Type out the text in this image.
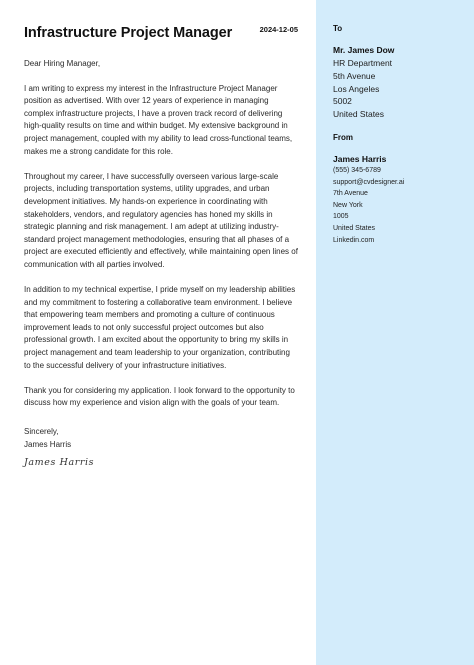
Infrastructure Project Manager	2024-12-05
Dear Hiring Manager,

I am writing to express my interest in the Infrastructure Project Manager position as advertised. With over 12 years of experience in managing complex infrastructure projects, I have a proven track record of delivering high-quality results on time and within budget. My extensive background in project management, coupled with my ability to lead cross-functional teams, makes me a strong candidate for this role.

Throughout my career, I have successfully overseen various large-scale projects, including transportation systems, utility upgrades, and urban development initiatives. My hands-on experience in coordinating with stakeholders, vendors, and regulatory agencies has honed my skills in strategic planning and risk management. I am adept at utilizing industry-standard project management methodologies, ensuring that all phases of a project are executed efficiently and effectively, while maintaining open lines of communication with all parties involved.

In addition to my technical expertise, I pride myself on my leadership abilities and my commitment to fostering a collaborative team environment. I believe that empowering team members and promoting a culture of continuous improvement leads to not only successful project outcomes but also professional growth. I am excited about the opportunity to bring my skills in project management and team leadership to your organization, contributing to the successful delivery of your infrastructure initiatives.

Thank you for considering my application. I look forward to the opportunity to discuss how my experience and vision align with the goals of your team.

Sincerely,
James Harris
James Harris
To
Mr. James Dow
HR Department
5th Avenue
Los Angeles
5002
United States
From
James Harris
(555) 345-6789
support@cvdesigner.ai
7th Avenue
New York
1005
United States
Linkedin.com
